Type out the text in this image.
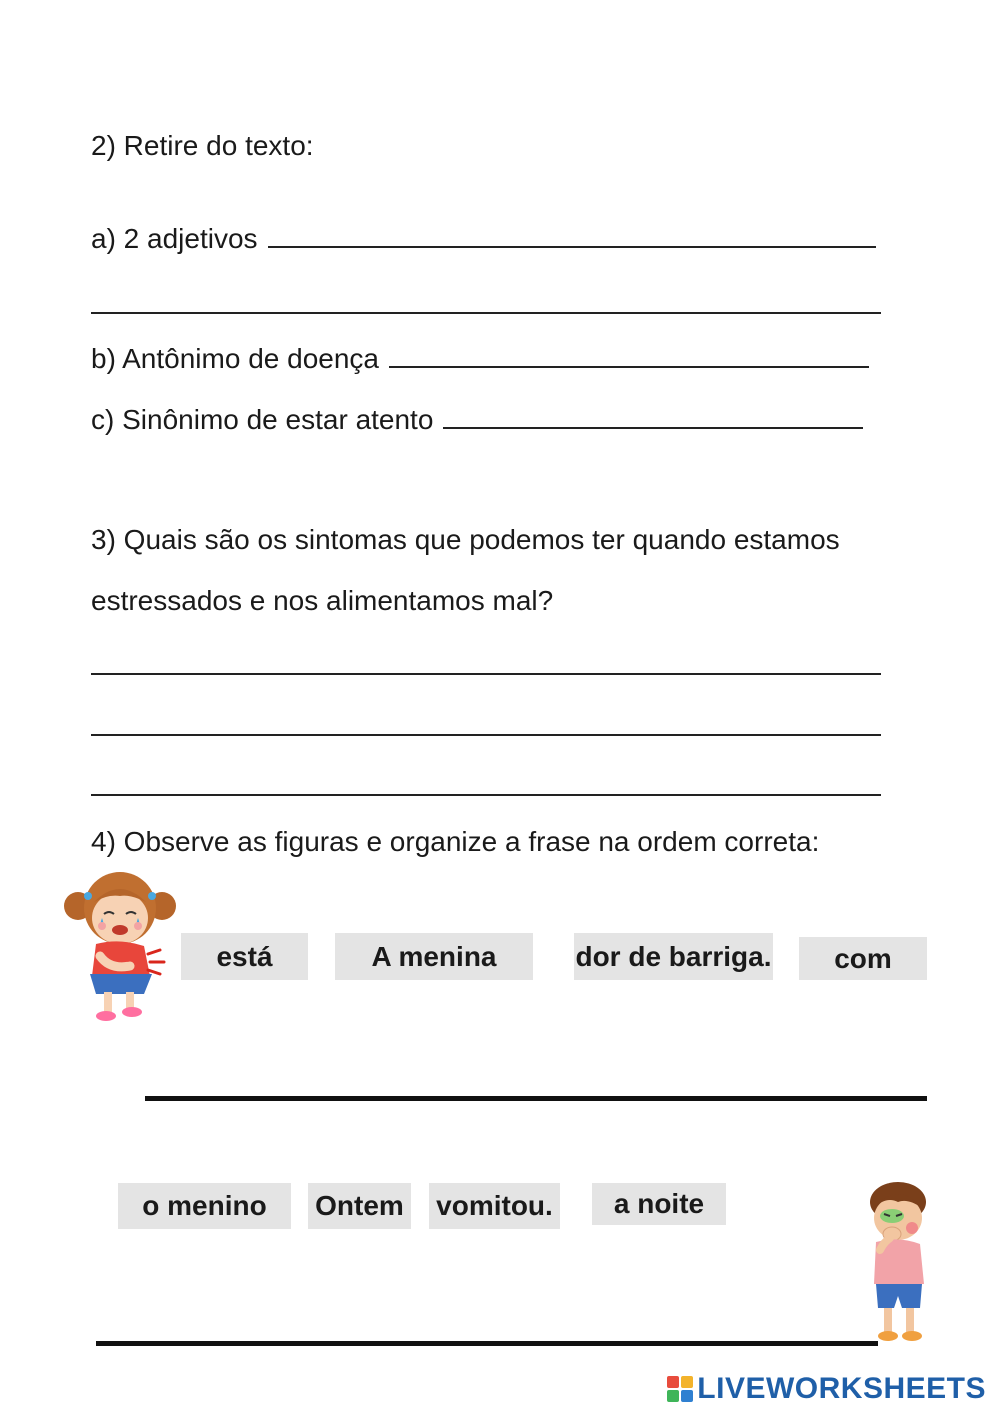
2) Retire do texto:
a) 2 adjetivos
b) Antônimo de doença
c) Sinônimo de estar atento
3) Quais são os sintomas que podemos ter quando estamos
estressados e nos alimentamos mal?
4) Observe as figuras e organize a frase na ordem correta:
está	A menina	dor de barriga.	com
o menino	Ontem vomitou.	a noite
LIVEWORKSHEETS
